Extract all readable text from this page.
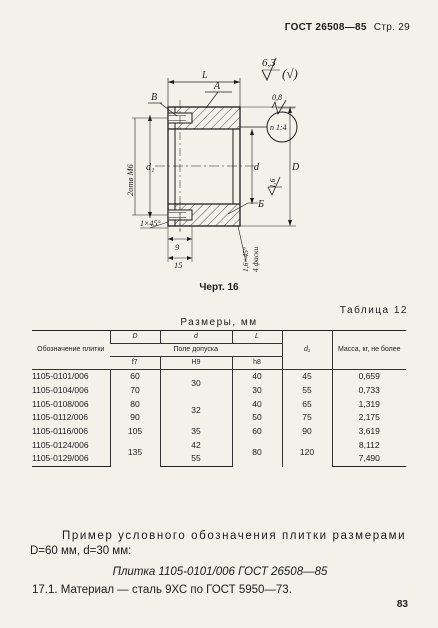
ГОСТ 26508—85 Стр. 29
L
A
B
6,3
(√)
0,8
n 1:4
d₁
2отв М6	d	D
1,6
Б
1×45°
9
15	1,6×45° 4 фаски
Черт. 16
Таблица 12
Размеры, мм
Обозначение плитки	D	d	L	d₁	Масса, кг, не более
	Поле допуска				
	f7	H9	h8		
1105-0101/006	60	30	40	45	0,659
1105-0104/006	70		30	55	0,733
1105-0108/006	80	32	40	65	1,319
1105-0112/006	90		50	75	2,175
1105-0116/006	105	35	60	90	3,619
1105-0124/006	135	42	80	120	8,112
1105-0129/006		55			7,490
Пример условного обозначения плитки размерами
D=60 мм, d=30 мм:
Плитка 1105-0101/006 ГОСТ 26508—85
17.1. Материал — сталь 9ХС по ГОСТ 5950—73.
83
